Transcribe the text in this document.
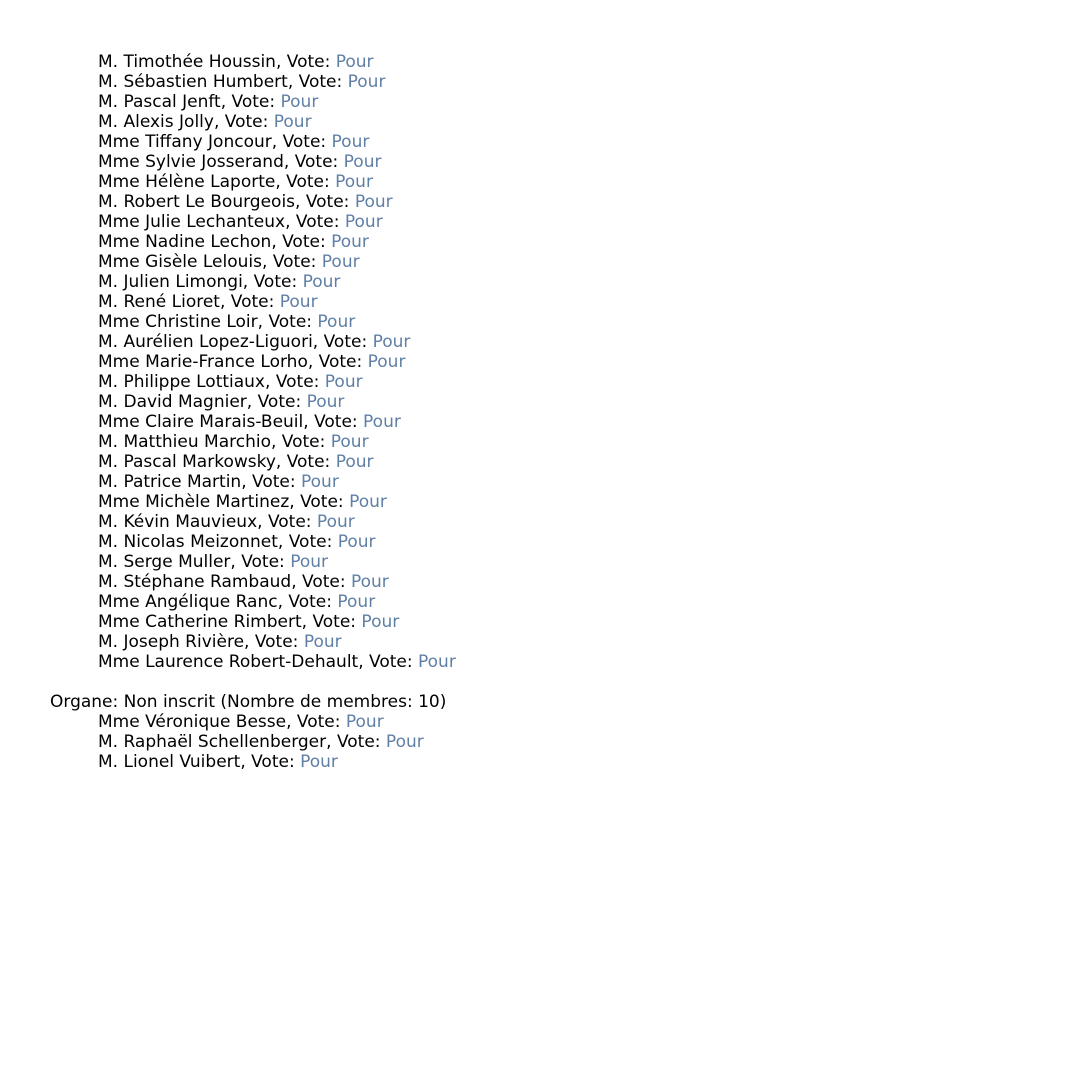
M. Timothée Houssin, Vote: Pour
M. Sébastien Humbert, Vote: Pour
M. Pascal Jenft, Vote: Pour
M. Alexis Jolly, Vote: Pour
Mme Tiffany Joncour, Vote: Pour
Mme Sylvie Josserand, Vote: Pour
Mme Hélène Laporte, Vote: Pour
M. Robert Le Bourgeois, Vote: Pour
Mme Julie Lechanteux, Vote: Pour
Mme Nadine Lechon, Vote: Pour
Mme Gisèle Lelouis, Vote: Pour
M. Julien Limongi, Vote: Pour
M. René Lioret, Vote: Pour
Mme Christine Loir, Vote: Pour
M. Aurélien Lopez-Liguori, Vote: Pour
Mme Marie-France Lorho, Vote: Pour
M. Philippe Lottiaux, Vote: Pour
M. David Magnier, Vote: Pour
Mme Claire Marais-Beuil, Vote: Pour
M. Matthieu Marchio, Vote: Pour
M. Pascal Markowsky, Vote: Pour
M. Patrice Martin, Vote: Pour
Mme Michèle Martinez, Vote: Pour
M. Kévin Mauvieux, Vote: Pour
M. Nicolas Meizonnet, Vote: Pour
M. Serge Muller, Vote: Pour
M. Stéphane Rambaud, Vote: Pour
Mme Angélique Ranc, Vote: Pour
Mme Catherine Rimbert, Vote: Pour
M. Joseph Rivière, Vote: Pour
Mme Laurence Robert-Dehault, Vote: Pour
Organe: Non inscrit (Nombre de membres: 10)
Mme Véronique Besse, Vote: Pour
M. Raphaël Schellenberger, Vote: Pour
M. Lionel Vuibert, Vote: Pour
